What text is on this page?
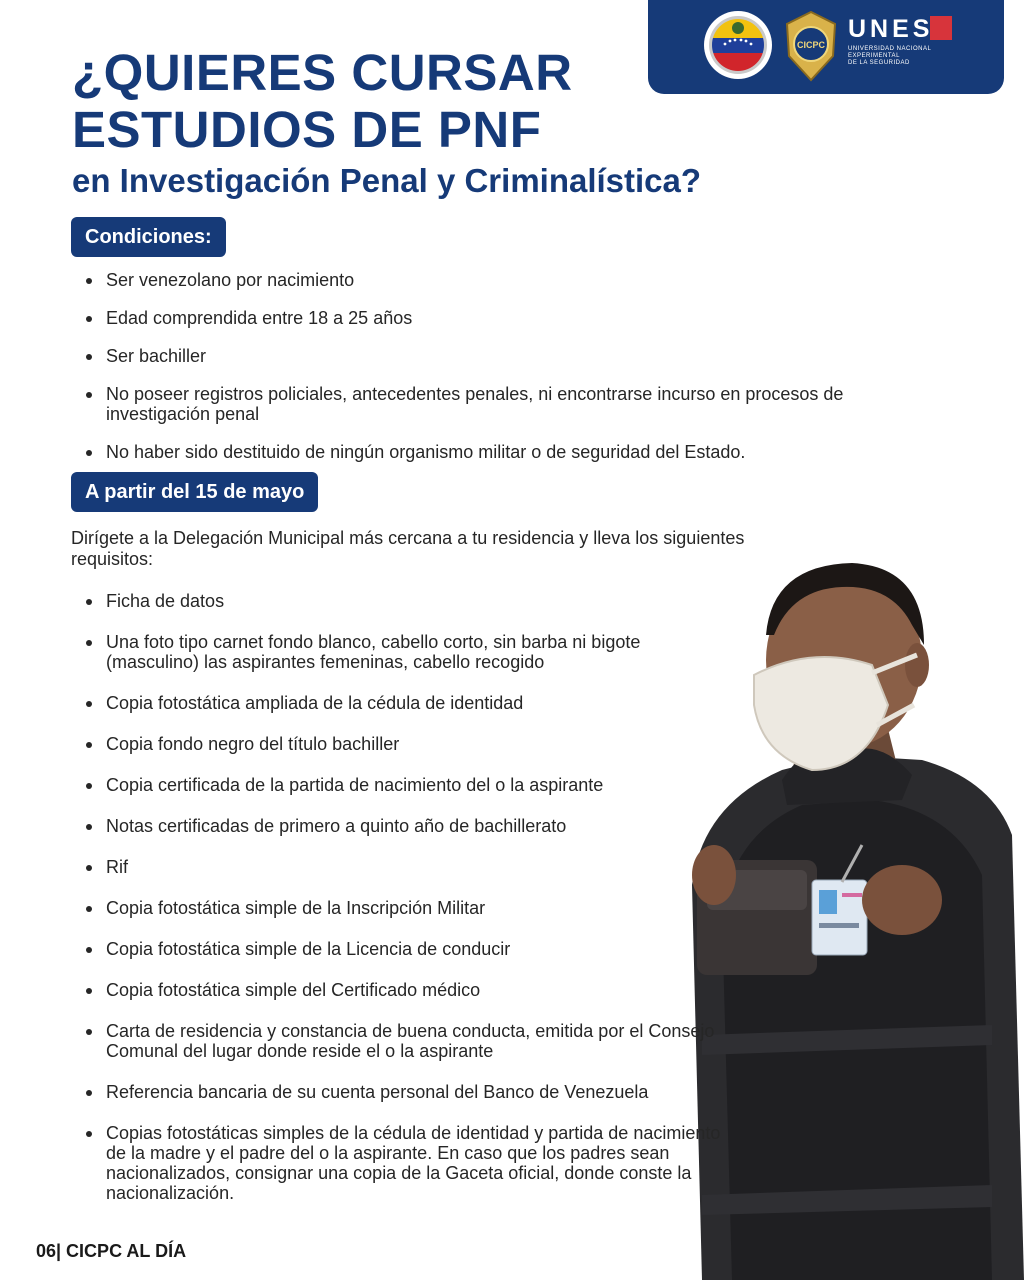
CICPC
UNES
UNIVERSIDAD NACIONAL EXPERIMENTAL
DE LA SEGURIDAD
¿QUIERES CURSAR
ESTUDIOS DE PNF
en Investigación Penal y Criminalística?
Condiciones:
Ser venezolano por nacimiento
Edad comprendida entre 18 a 25 años
Ser bachiller
No poseer registros policiales, antecedentes penales, ni encontrarse incurso en procesos de investigación penal
No haber sido destituido de ningún organismo militar o de seguridad del Estado.
A partir del 15 de mayo

Dirígete a la Delegación Municipal más cercana a tu residencia y lleva los siguientes requisitos:

Ficha de datos
Una foto tipo carnet fondo blanco, cabello corto, sin barba ni bigote (masculino) las aspirantes femeninas, cabello recogido
Copia fotostática ampliada de la cédula de identidad
Copia fondo negro del título bachiller
Copia certificada de la partida de nacimiento del o la aspirante
Notas certificadas de primero a quinto año de bachillerato
Rif
Copia fotostática simple de la Inscripción Militar
Copia fotostática simple de la Licencia de conducir
Copia fotostática simple del Certificado médico
Carta de residencia y constancia de buena conducta, emitida por el Consejo Comunal del lugar donde reside el o la aspirante
Referencia bancaria de su cuenta personal del Banco de Venezuela
Copias fotostáticas simples de la cédula de identidad y partida de nacimiento de la madre y el padre del o la aspirante. En caso que los padres sean nacionalizados, consignar una copia de la Gaceta oficial, donde conste la nacionalización.

06| CICPC AL DÍA
